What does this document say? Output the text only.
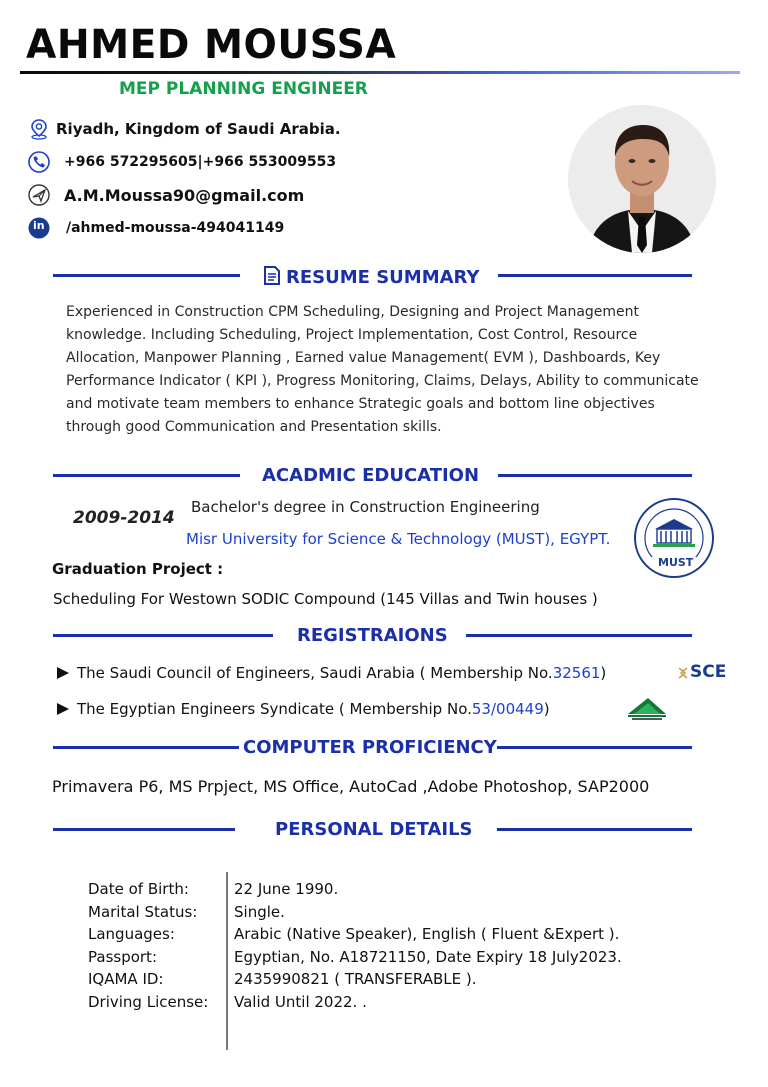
AHMED MOUSSA
MEP PLANNING ENGINEER
Riyadh, Kingdom of Saudi Arabia.
+966 572295605|+966 553009553
A.M.Moussa90@gmail.com
in /ahmed-moussa-494041149
RESUME SUMMARY
Experienced in Construction CPM Scheduling, Designing and Project Management knowledge. Including Scheduling, Project Implementation, Cost Control, Resource Allocation, Manpower Planning , Earned value Management( EVM ), Dashboards, Key Performance Indicator ( KPI ), Progress Monitoring, Claims, Delays, Ability to communicate and motivate team members to enhance Strategic goals and bottom line objectives through good Communication and Presentation skills.
ACADMIC EDUCATION
2009-2014
Bachelor's degree in Construction Engineering
Misr University for Science & Technology (MUST), EGYPT.
MUST
Graduation Project :
Scheduling For Westown SODIC Compound (145 Villas and Twin houses )
REGISTRAIONS
The Saudi Council of Engineers, Saudi Arabia ( Membership No. 32561 )	SCE
The Egyptian Engineers Syndicate ( Membership No. 53/00449 )
COMPUTER PROFICIENCY
Primavera P6, MS Prpject, MS Office, AutoCad ,Adobe Photoshop, SAP2000
PERSONAL DETAILS
Date of Birth:
Marital Status:
Languages:
Passport:
IQAMA ID:
Driving License:
22 June 1990.
Single.
Arabic (Native Speaker), English ( Fluent &Expert ).
Egyptian, No. A18721150, Date Expiry 18 July2023.
2435990821 ( TRANSFERABLE ).
Valid Until 2022. .
